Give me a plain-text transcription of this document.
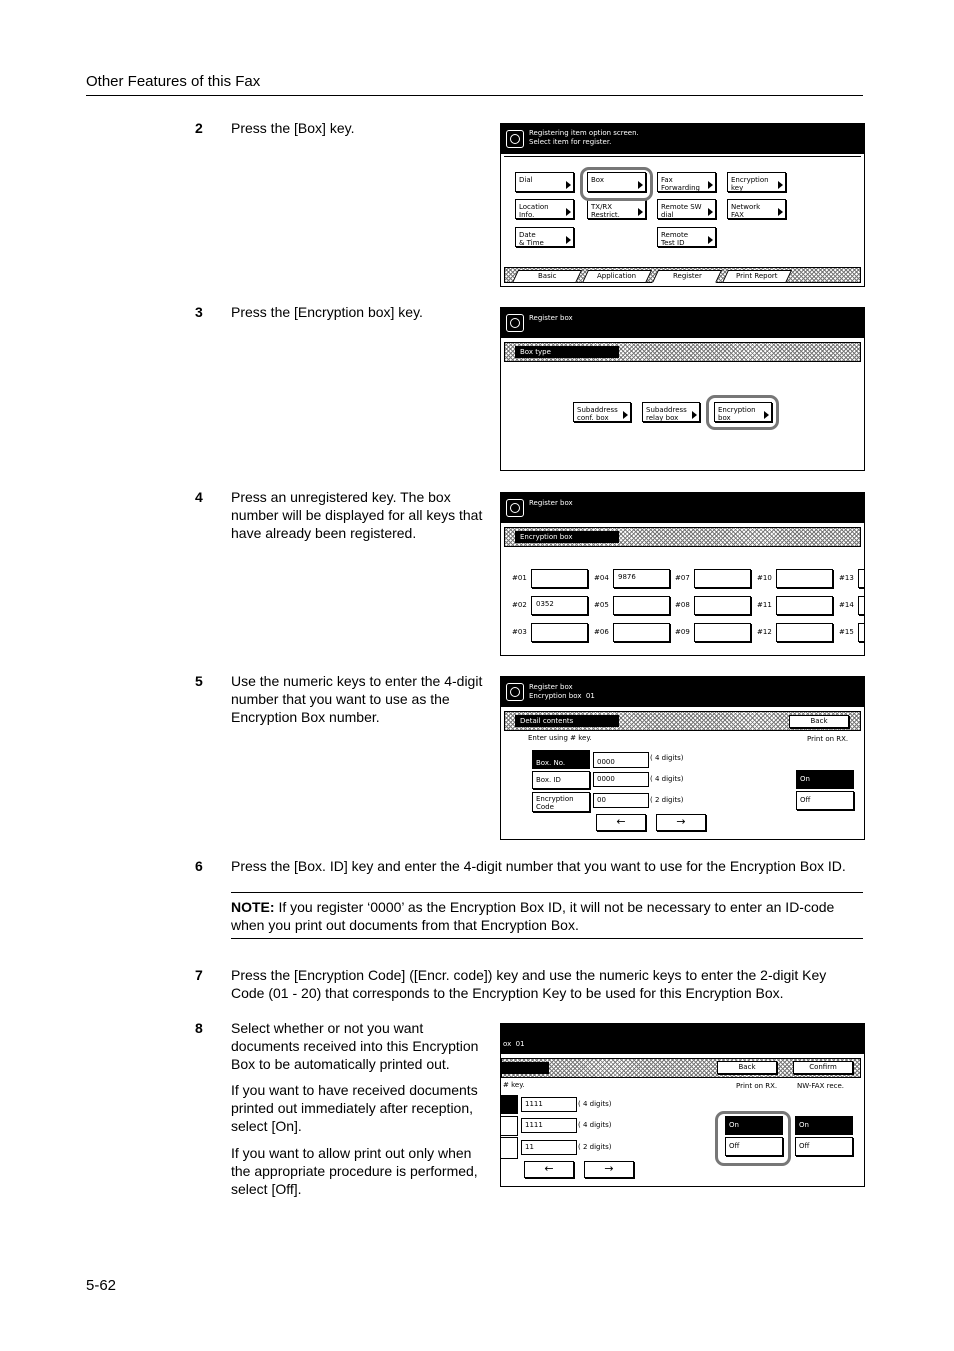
Other Features of this Fax
2 Press the [Box] key.	Registering item option screen.
Select item for register.
Dial	Box	Fax
Forwarding
Encryption
key
Location
Info.
TX/RX
Restrict.
Remote SW
dial
Network
FAX
Date
& Time
Remote
Test ID
Basic	Application	Register	Print Report
3 Press the [Encryption box] key.	Register box
Box type
Subaddress
conf. box
Subaddress
relay box
Encryption
box
4 Press an unregistered key. The box number will be displayed for all keys that have already been registered.
Register box
Encryption box
#01
#02	0352
#03
#04	9876
#05
#06
#07
#08
#09
#10
#11
#12
#13
#14
#15
5 Use the numeric keys to enter the 4-digit number that you want to use as the Encryption Box number.
Register box
Encryption box  01
Detail contents	Back
Enter using # key.	Print on RX.
Box. No.	0000	( 4 digits)
Box. ID	0000	( 4 digits)
Encryption
Code
00	( 2 digits)
On
Off
←	→
6 Press the [Box. ID] key and enter the 4-digit number that you want to use for the Encryption Box ID.
NOTE: If you register ‘0000’ as the Encryption Box ID, it will not be necessary to enter an ID-code when you print out documents from that Encryption Box.
7 Press the [Encryption Code] ([Encr. code]) key and use the numeric keys to enter the 2-digit Key Code (01 - 20) that corresponds to the Encryption Key to be used for this Encryption Box.
8 Select whether or not you want documents received into this Encryption Box to be automatically printed out.
If you want to have received documents printed out immediately after reception, select [On].
If you want to allow print out only when the appropriate procedure is performed, select [Off].
ox  01
Back	Confirm
# key.	Print on RX.	NW-FAX rece.
1111	( 4 digits)
1111	( 4 digits)
11	( 2 digits)
On
Off
On
Off
←	→
5-62
